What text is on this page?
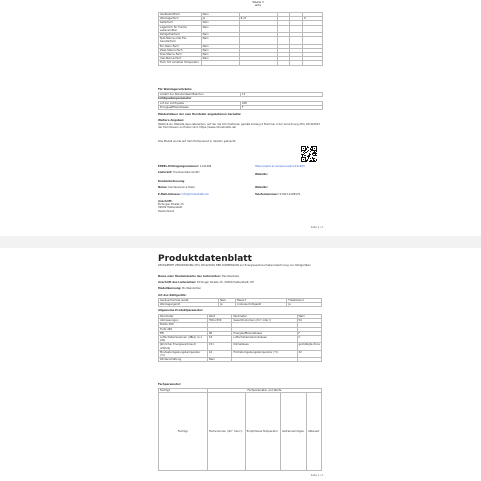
Tabelle 3
aktiv
Gerätekühlfach	Nein				
Weinlagerfach	Ja	8-27			6
Kellerfach	Nein				
Lagerfach für frische Lebensmittel	Nein				
Kühlgefrierfach	Nein				
Null-Sterne-oder Eis-bereiterfach	Nein				
Ein-Stern-Fach	Nein				
Zwei-Sterne-Fach	Nein				
Drei-Sterne-Fach	Nein				
Vier-Sterne-Fach	Nein				
Fach mit variabler Temperatur					
Für Weinlagerschränke
Anzahl der Standardweinflaschen	13
Lichtquellenparameter
Art der Lichtquelle	LED
Energieeffizienzklasse	F
Mindestdauer der vom Hersteller angebotenen Garantie:
Weitere Angaben:
Weblink zur Website des Lieferanten, auf der die Informationen gemäß Anhang II Nummer 4 der Verordnung (EU) 2019/2023 der Kommission zu finden sind: https://www.climadiretto.de/
Das Modell wurde auf dem Erstversand in Verkehr gebracht.
https://eprel.ec.europa.eu/qr/1141484
EPREL-Eintragungsnummer: 1141484
Lieferant: Trendsentiale GmbH
Website:
Kundenbetreuung
Name: Kundenservice Team	Website:
E-Mail-Adresse: info@climadiretto.de	Telefonnummer: 07943-2188170
Anschrift:
Elchinger Straße 15
32009 Halberstadt
Deutschland
Seite 2 / 2
Produktdatenblatt
DELEGIERTE VERORDNUNG (EU) 2019/2016 DER KOMMISSION zur Energieverbrauchskennzeichnung von Kühlgeräten
Name oder Handelsmarke des Lieferanten: Trendsentiale
Anschrift des Lieferanten: Elchinger Straße 15, 32009 Halberstadt, DE
Modellkennung: Bn-Weinkühler
Art des Kühlgeräts:
Geräuscharmes Gerät	Nein	Bauart	Freistehend
Weinlagergerät	Ja	Anderes Kühlgerät	Ja
Allgemeine Produktparameter:
Parameter	Wert	Parameter	Wert
Abmessungen	Höhe 830	Gesamtvolumen (dm³ oder l)	54
Breite 480			
Tiefe 460			
EEI	96	Energieeffizienzklasse	F
Luftschallemissionen (dB(A) re 1 pW)	43	Luftschallemissionsklasse	C
Jährlicher Energieverbrauch (kWh/a)	151	Klimaklasse	gemäßigte Zone
Mindestumgebungstemperatur (°C)	10	Höchstumgebungstemperatur (°C)	32
Winterschaltung	Nein		
Fachparameter:
Fachtyp	Fachparameter und Werte			
Fachtyp	Fachvolumen (dm³ oder l)	Empfohlene Temperatur	Gefriervermögen	Abtauart
Seite 1 / 2
